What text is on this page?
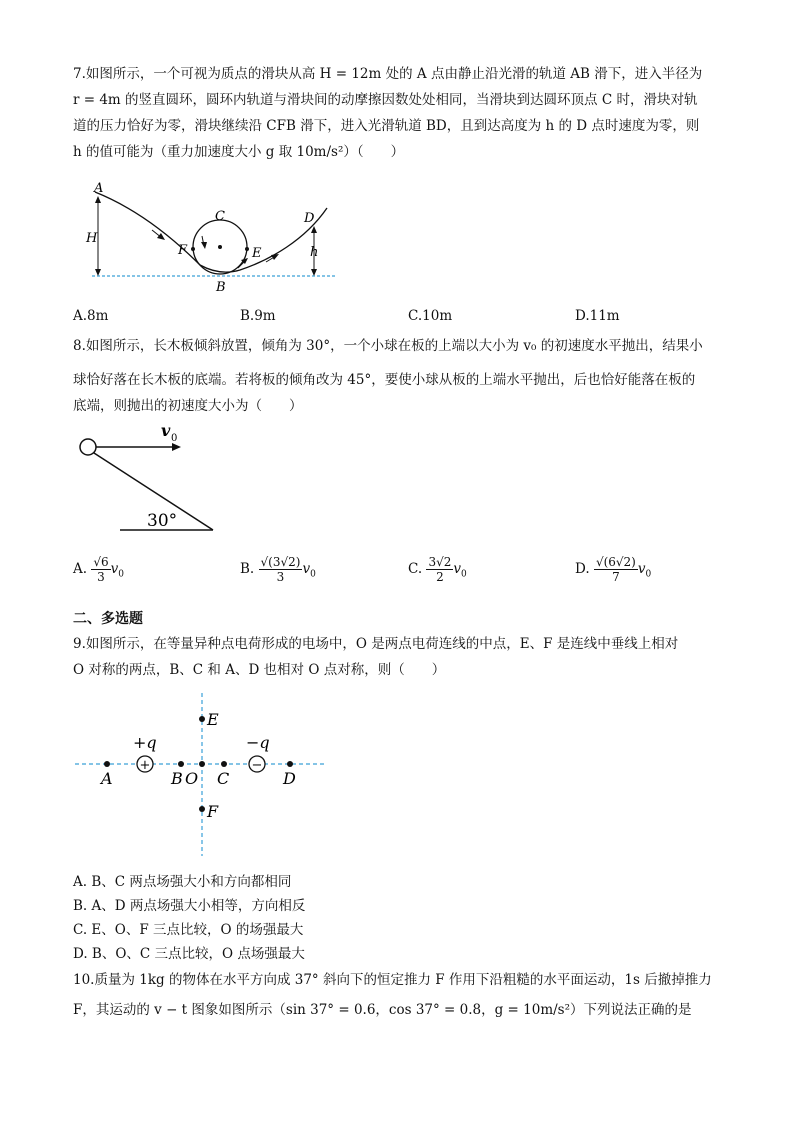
7.如图所示，一个可视为质点的滑块从高 H = 12m 处的 A 点由静止沿光滑的轨道 AB 滑下，进入半径为
r = 4m 的竖直圆环，圆环内轨道与滑块间的动摩擦因数处处相同，当滑块到达圆环顶点 C 时，滑块对轨
道的压力恰好为零，滑块继续沿 CFB 滑下，进入光滑轨道 BD，且到达高度为 h 的 D 点时速度为零，则
h 的值可能为（重力加速度大小 g 取 10m/s²）（　　）
A
H
C
F	E
B
D
h
A.8m	B.9m	C.10m	D.11m
8.如图所示，长木板倾斜放置，倾角为 30°，一个小球在板的上端以大小为 v₀ 的初速度水平抛出，结果小
球恰好落在长木板的底端。若将板的倾角改为 45°，要使小球从板的上端水平抛出，后也恰好能落在板的
底端，则抛出的初速度大小为（　　）
v 0
30°
A. $\frac{√6}{3} v_0$	B. $\frac{√(3√2)}{3} v_0$	C. $\frac{3√2}{2} v_0$	D. $\frac{√(6√2)}{7} v_0$
二、多选题
9.如图所示，在等量异种点电荷形成的电场中，O 是两点电荷连线的中点，E、F 是连线中垂线上相对
O 对称的两点，B、C 和 A、D 也相对 O 点对称，则（　　）
+	−
+q	−q
A	B O C	D
E
F
A. B、C 两点场强大小和方向都相同
B. A、D 两点场强大小相等，方向相反
C. E、O、F 三点比较，O 的场强最大
D. B、O、C 三点比较，O 点场强最大
10.质量为 1kg 的物体在水平方向成 37° 斜向下的恒定推力 F 作用下沿粗糙的水平面运动，1s 后撤掉推力
F，其运动的 v − t 图象如图所示（sin 37° = 0.6，cos 37° = 0.8，g = 10m/s²）下列说法正确的是
